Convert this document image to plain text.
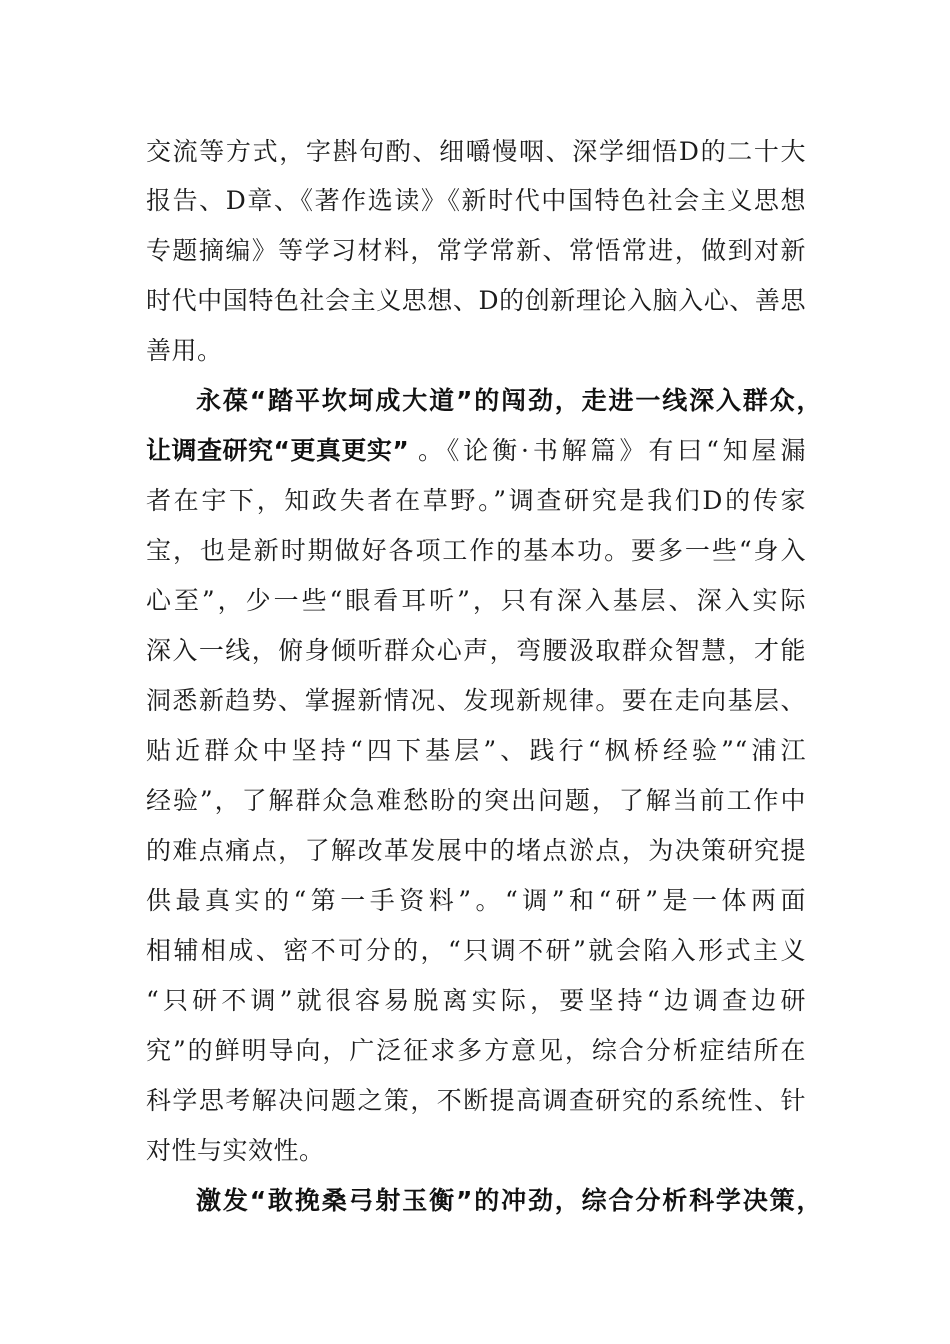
交流等方式，字斟句酌、细嚼慢咽、深学细悟D的二十大
报告、D章、《著作选读》《新时代中国特色社会主义思想
专题摘编》等学习材料，常学常新、常悟常进，做到对新
时代中国特色社会主义思想、D的创新理论入脑入心、善思
善用。
永葆“踏平坎坷成大道”的闯劲，走进一线深入群众，
让调查研究“更真更实” 。《论衡·书解篇》有曰“知屋漏
者在宇下，知政失者在草野。”调查研究是我们D的传家
宝，也是新时期做好各项工作的基本功。要多一些“身入
心至”，少一些“眼看耳听”，只有深入基层、深入实际
深入一线，俯身倾听群众心声，弯腰汲取群众智慧，才能
洞悉新趋势、掌握新情况、发现新规律。要在走向基层、
贴近群众中坚持“四下基层”、践行“枫桥经验”“浦江
经验”，了解群众急难愁盼的突出问题，了解当前工作中
的难点痛点，了解改革发展中的堵点淤点，为决策研究提
供最真实的“第一手资料”。“调”和“研”是一体两面
相辅相成、密不可分的，“只调不研”就会陷入形式主义
“只研不调”就很容易脱离实际，要坚持“边调查边研
究”的鲜明导向，广泛征求多方意见，综合分析症结所在
科学思考解决问题之策，不断提高调查研究的系统性、针
对性与实效性。
激发“敢挽桑弓射玉衡”的冲劲，综合分析科学决策，
